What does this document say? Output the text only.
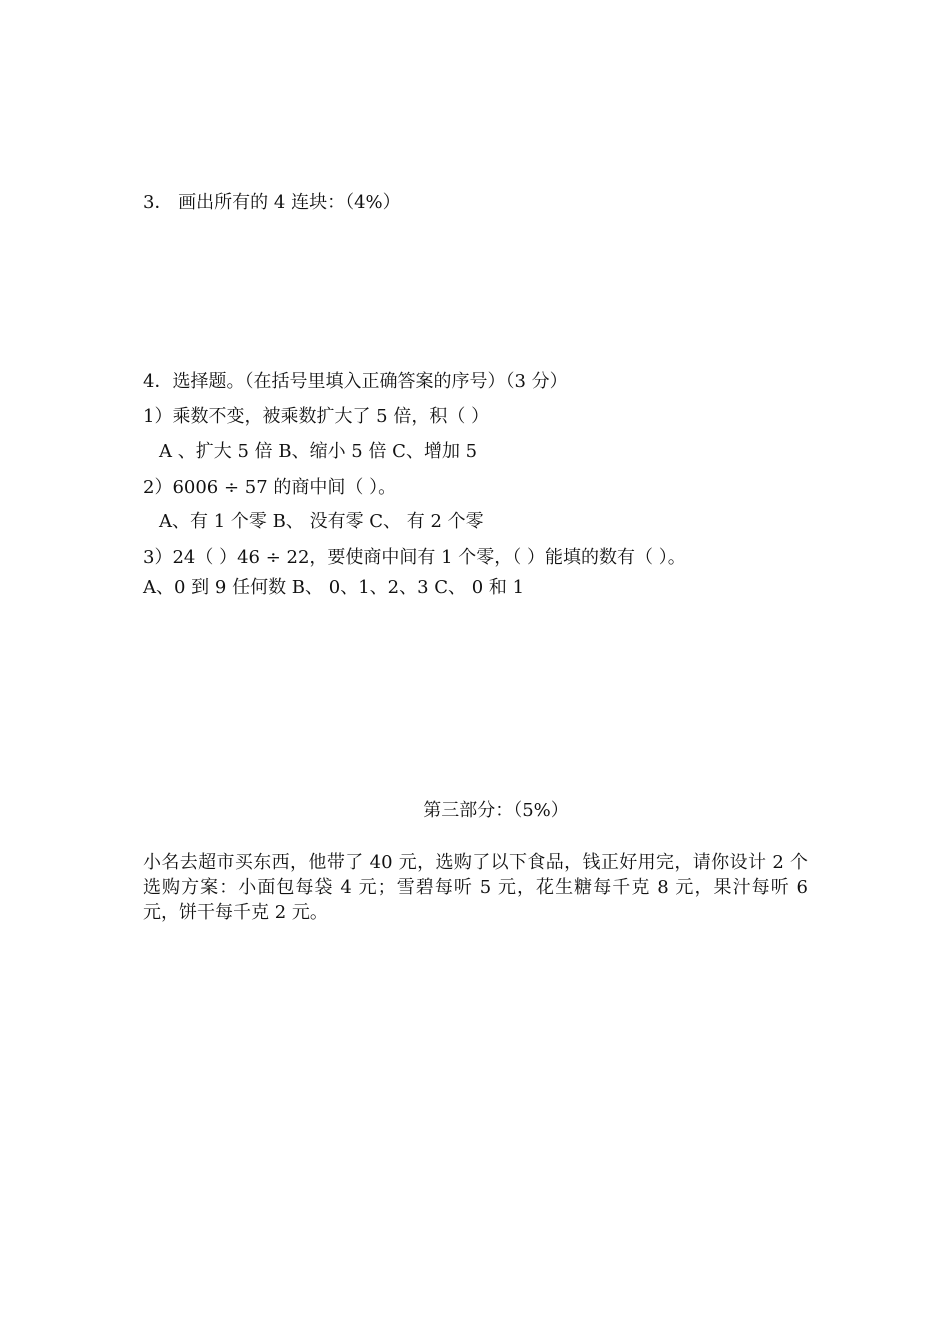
3． 画出所有的 4 连块：（4%）
4．选择题。（在括号里填入正确答案的序号）（3 分）
1）乘数不变，被乘数扩大了 5 倍，积（ ）
A 、扩大 5 倍 B、缩小 5 倍 C、增加 5
2）6006 ÷ 57 的商中间（ ）。
A、有 1 个零 B、 没有零 C、 有 2 个零
3）24（ ）46 ÷ 22，要使商中间有 1 个零，（ ）能填的数有（ ）。
A、0 到 9 任何数 B、 0、1、2、3 C、 0 和 1
第三部分：（5%）
小名去超市买东西，他带了 40 元，选购了以下食品，钱正好用完，请你设计 2 个选购方案：小面包每袋 4 元；雪碧每听 5 元，花生糖每千克 8 元，果汁每听 6 元，饼干每千克 2 元。
